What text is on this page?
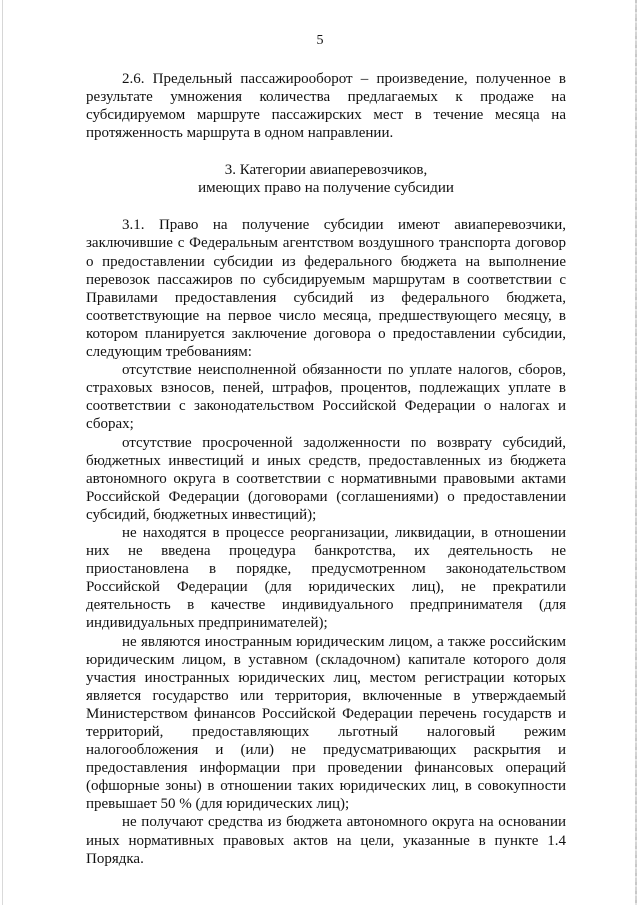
5

2.6. Предельный пассажирооборот – произведение, полученное в результате умножения количества предлагаемых к продаже на субсидируемом маршруте пассажирских мест в течение месяца на протяженность маршрута в одном направлении.

3. Категории авиаперевозчиков,
имеющих право на получение субсидии

3.1. Право на получение субсидии имеют авиаперевозчики, заключившие с Федеральным агентством воздушного транспорта договор о предоставлении субсидии из федерального бюджета на выполнение перевозок пассажиров по субсидируемым маршрутам в соответствии с Правилами предоставления субсидий из федерального бюджета, соответствующие на первое число месяца, предшествующего месяцу, в котором планируется заключение договора о предоставлении субсидии, следующим требованиям:

отсутствие неисполненной обязанности по уплате налогов, сборов, страховых взносов, пеней, штрафов, процентов, подлежащих уплате в соответствии с законодательством Российской Федерации о налогах и сборах;

отсутствие просроченной задолженности по возврату субсидий, бюджетных инвестиций и иных средств, предоставленных из бюджета автономного округа в соответствии с нормативными правовыми актами Российской Федерации (договорами (соглашениями) о предоставлении субсидий, бюджетных инвестиций);

не находятся в процессе реорганизации, ликвидации, в отношении них не введена процедура банкротства, их деятельность не приостановлена в порядке, предусмотренном законодательством Российской Федерации (для юридических лиц), не прекратили деятельность в качестве индивидуального предпринимателя (для индивидуальных предпринимателей);

не являются иностранным юридическим лицом, а также российским юридическим лицом, в уставном (складочном) капитале которого доля участия иностранных юридических лиц, местом регистрации которых является государство или территория, включенные в утверждаемый Министерством финансов Российской Федерации перечень государств и территорий, предоставляющих льготный налоговый режим налогообложения и (или) не предусматривающих раскрытия и предоставления информации при проведении финансовых операций (офшорные зоны) в отношении таких юридических лиц, в совокупности превышает 50 % (для юридических лиц);

не получают средства из бюджета автономного округа на основании иных нормативных правовых актов на цели, указанные в пункте 1.4 Порядка.
